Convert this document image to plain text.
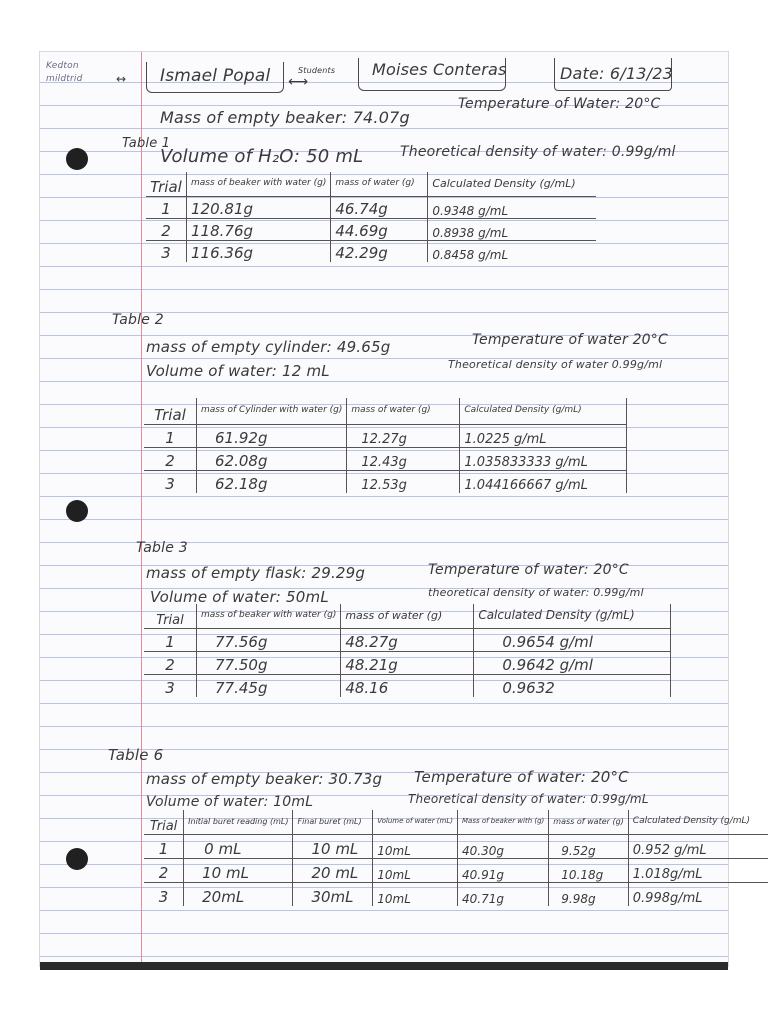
Kedton mildtrid	↔ Ismael Popal	Students
⟷
Moises Conteras	Date: 6/13/23
Mass of empty beaker: 74.07g
Temperature of Water: 20°C
Table 1
Volume of H₂O: 50 mL	Theoretical density of water: 0.99g/ml
Trial	mass of beaker with water (g)	mass of water (g)	Calculated Density (g/mL)
1	120.81g	46.74g	0.9348 g/mL
2	118.76g	44.69g	0.8938 g/mL
3	116.36g	42.29g	0.8458 g/mL
Table 2
mass of empty cylinder: 49.65g	Temperature of water 20°C
Volume of water: 12 mL	Theoretical density of water 0.99g/ml
Trial	mass of Cylinder with water (g)	mass of water (g)	Calculated Density (g/mL)
1	61.92g	12.27g	1.0225 g/mL
2	62.08g	12.43g	1.035833333 g/mL
3	62.18g	12.53g	1.044166667 g/mL
Table 3
mass of empty flask: 29.29g	Temperature of water: 20°C
Volume of water: 50mL	theoretical density of water: 0.99g/ml
Trial	mass of beaker with water (g)	mass of water (g)	Calculated Density (g/mL)
1	77.56g	48.27g	0.9654 g/ml
2	77.50g	48.21g	0.9642 g/ml
3	77.45g	48.16	0.9632
Table 6
mass of empty beaker: 30.73g Temperature of water: 20°C
Volume of water: 10mL	Theoretical density of water: 0.99g/mL
Trial	Initial buret reading (mL)	Final buret (mL)	Volume of water (mL)	Mass of beaker with (g)	mass of water (g)	Calculated Density (g/mL)
1	0 mL	10 mL	10mL	40.30g	9.52g	0.952 g/mL
2	10 mL	20 mL	10mL	40.91g	10.18g	1.018g/mL
3	20mL	30mL	10mL	40.71g	9.98g	0.998g/mL
